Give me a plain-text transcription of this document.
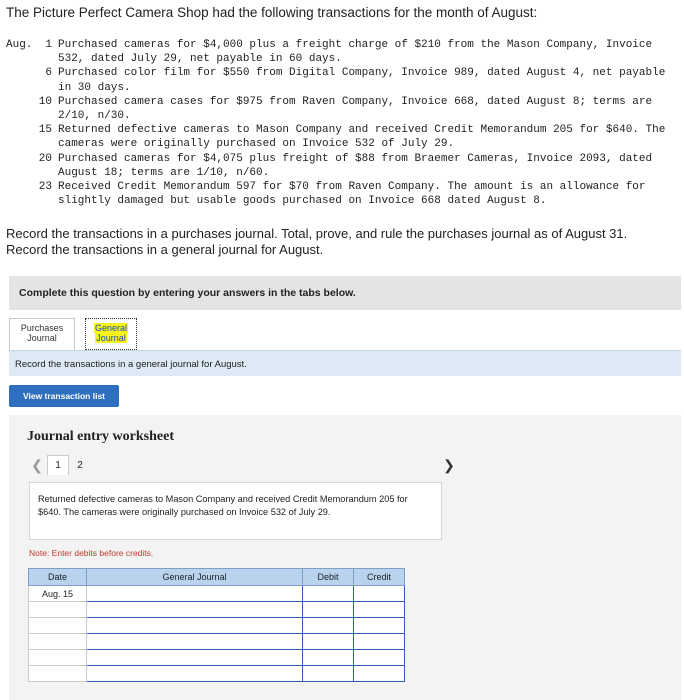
The Picture Perfect Camera Shop had the following transactions for the month of August:
Aug.	1 Purchased cameras for $4,000 plus a freight charge of $210 from the Mason Company, Invoice
532, dated July 29, net payable in 60 days.
6 Purchased color film for $550 from Digital Company, Invoice 989, dated August 4, net payable
in 30 days.
10 Purchased camera cases for $975 from Raven Company, Invoice 668, dated August 8; terms are
2/10, n/30.
15 Returned defective cameras to Mason Company and received Credit Memorandum 205 for $640. The
cameras were originally purchased on Invoice 532 of July 29.
20 Purchased cameras for $4,075 plus freight of $88 from Braemer Cameras, Invoice 2093, dated
August 18; terms are 1/10, n/60.
23 Received Credit Memorandum 597 for $70 from Raven Company. The amount is an allowance for
slightly damaged but usable goods purchased on Invoice 668 dated August 8.
Record the transactions in a purchases journal. Total, prove, and rule the purchases journal as of August 31.
Record the transactions in a general journal for August.
Complete this question by entering your answers in the tabs below.
Purchases
Journal
General
Journal
Record the transactions in a general journal for August.
View transaction list
Journal entry worksheet
❮	1	2	❯
Returned defective cameras to Mason Company and received Credit Memorandum 205 for $640. The cameras were originally purchased on Invoice 532 of July 29.
Note: Enter debits before credits.
Date	General Journal	Debit	Credit
Aug. 15			
